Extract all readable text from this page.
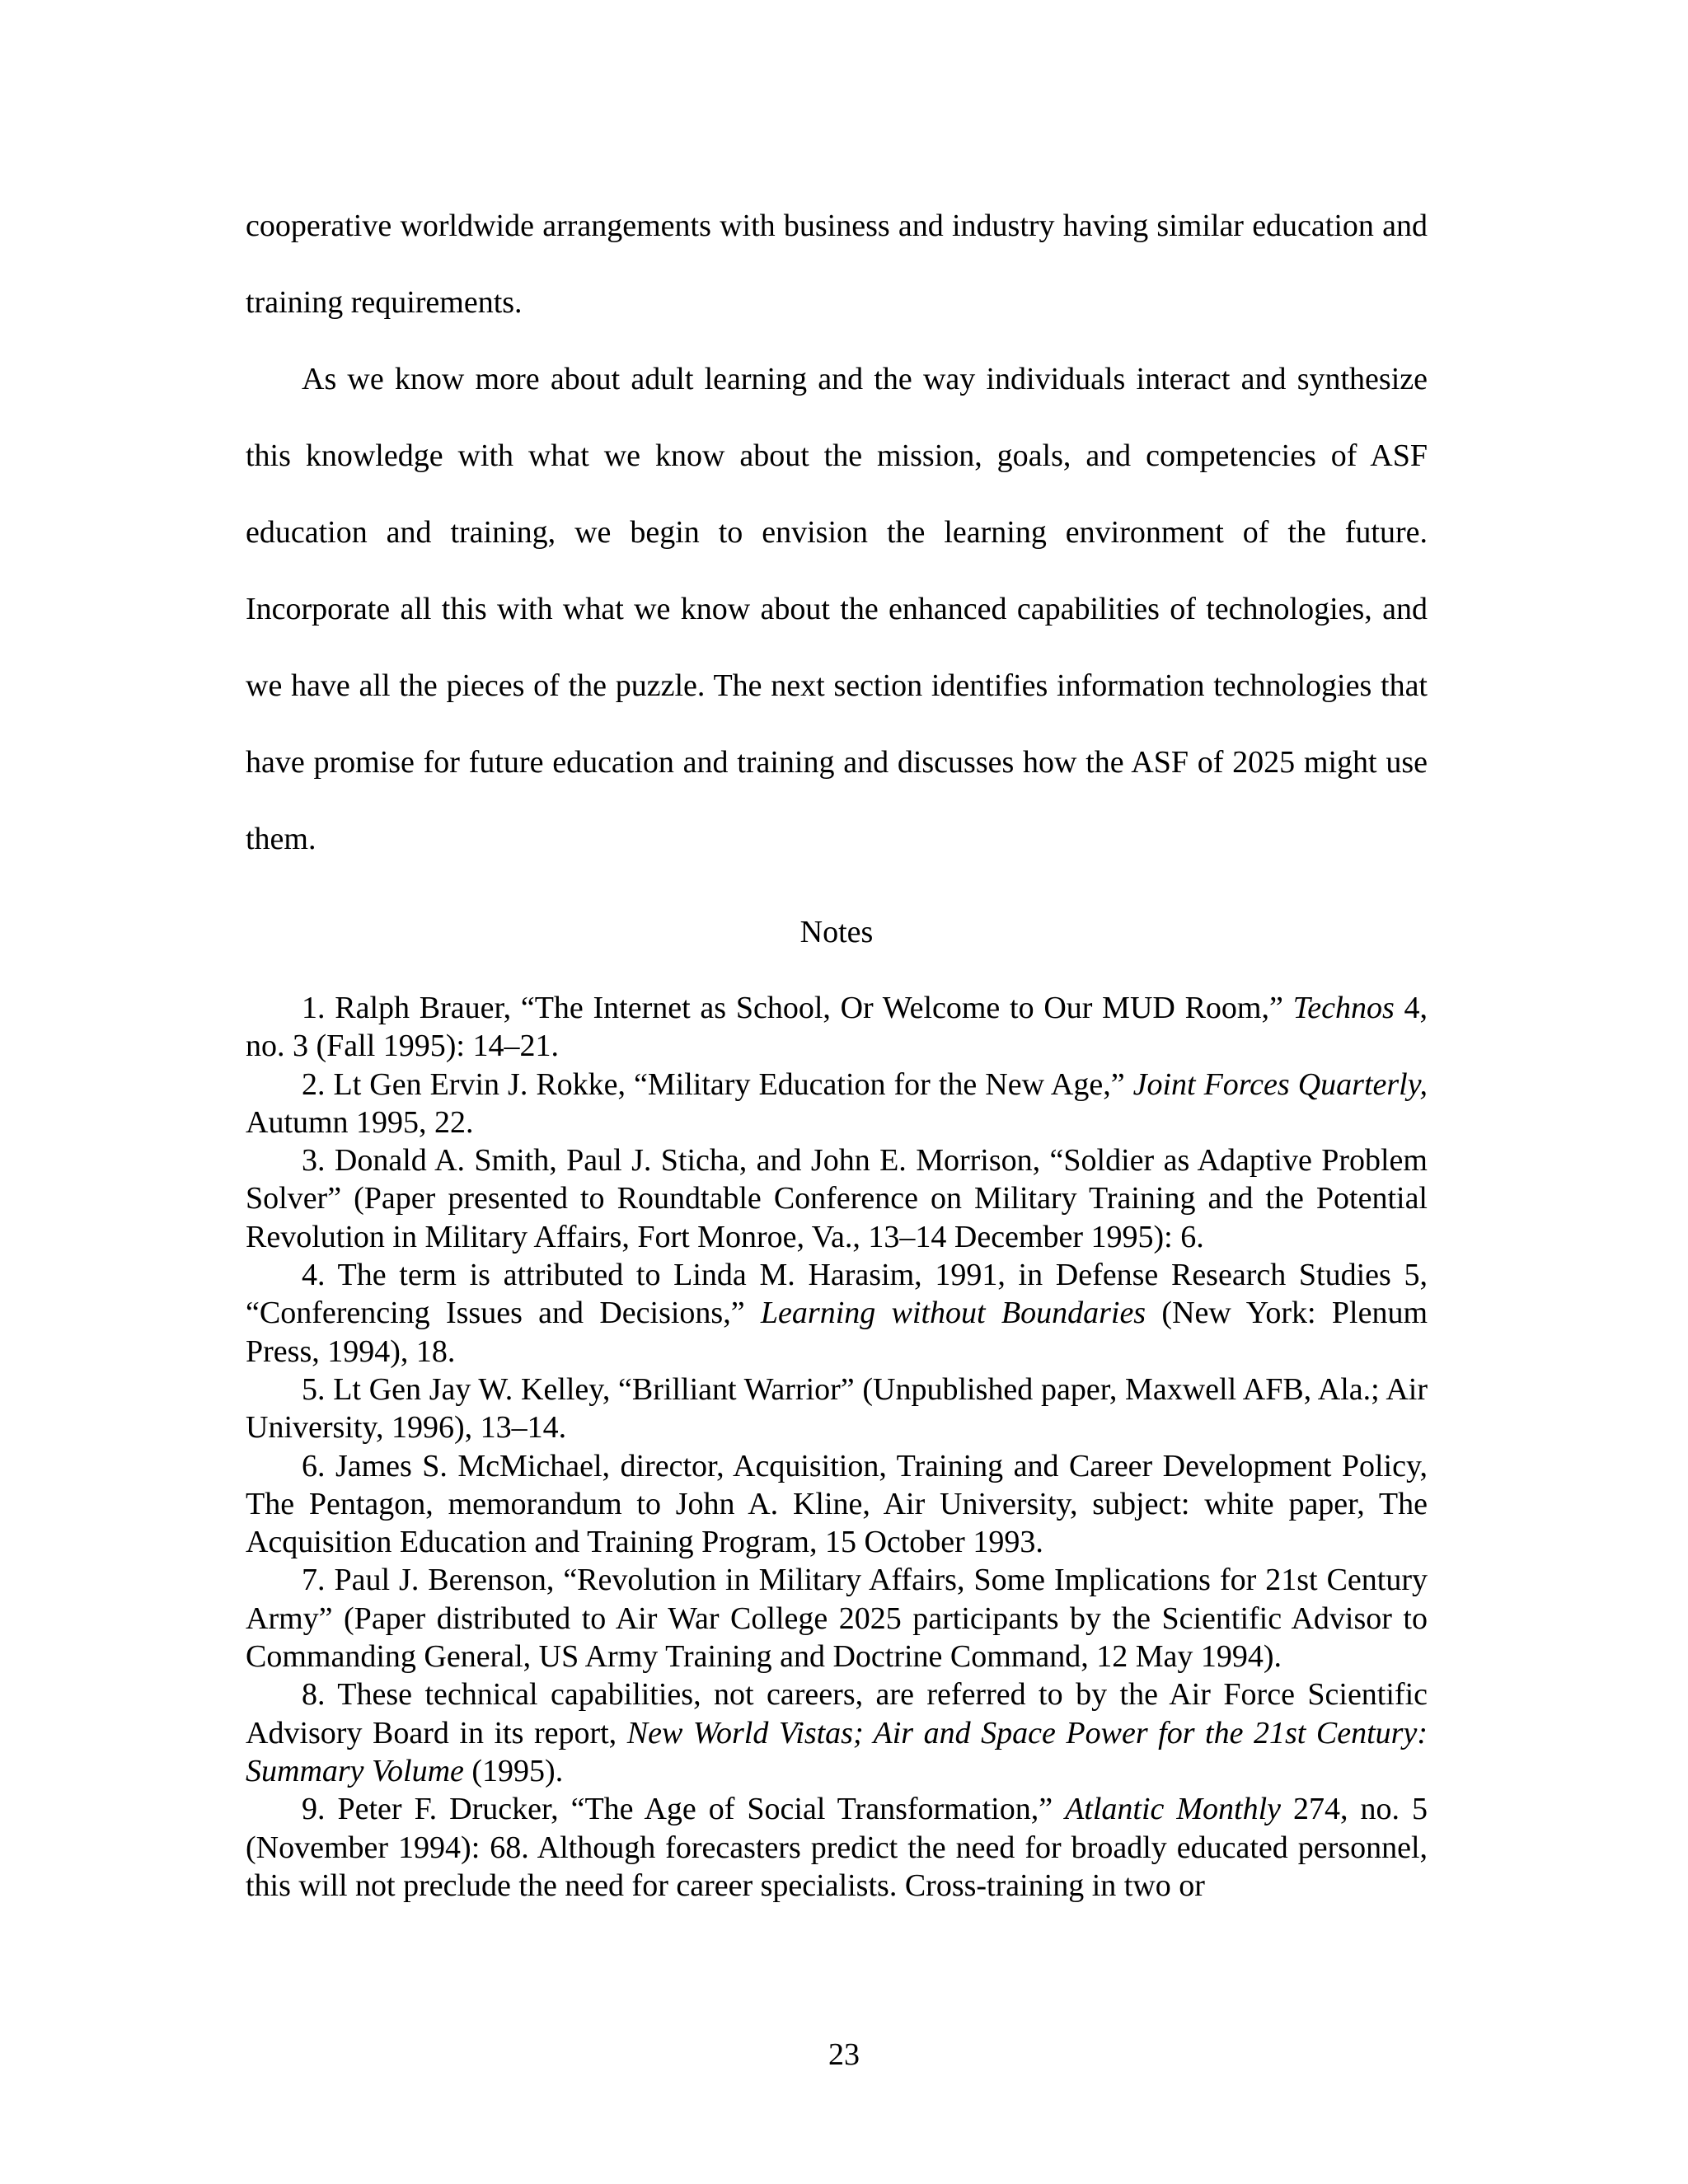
cooperative worldwide arrangements with business and industry having similar education and training requirements.

As we know more about adult learning and the way individuals interact and synthesize this knowledge with what we know about the mission, goals, and competencies of ASF education and training, we begin to envision the learning environment of the future. Incorporate all this with what we know about the enhanced capabilities of technologies, and we have all the pieces of the puzzle. The next section identifies information technologies that have promise for future education and training and discusses how the ASF of 2025 might use them.

Notes

1. Ralph Brauer, “The Internet as School, Or Welcome to Our MUD Room,” Technos 4, no. 3 (Fall 1995): 14–21.

2. Lt Gen Ervin J. Rokke, “Military Education for the New Age,” Joint Forces Quarterly, Autumn 1995, 22.

3. Donald A. Smith, Paul J. Sticha, and John E. Morrison, “Soldier as Adaptive Problem Solver” (Paper presented to Roundtable Conference on Military Training and the Potential Revolution in Military Affairs, Fort Monroe, Va., 13–14 December 1995): 6.

4. The term is attributed to Linda M. Harasim, 1991, in Defense Research Studies 5, “Conferencing Issues and Decisions,” Learning without Boundaries (New York: Plenum Press, 1994), 18.

5. Lt Gen Jay W. Kelley, “Brilliant Warrior” (Unpublished paper, Maxwell AFB, Ala.; Air University, 1996), 13–14.

6. James S. McMichael, director, Acquisition, Training and Career Development Policy, The Pentagon, memorandum to John A. Kline, Air University, subject: white paper, The Acquisition Education and Training Program, 15 October 1993.

7. Paul J. Berenson, “Revolution in Military Affairs, Some Implications for 21st Century Army” (Paper distributed to Air War College 2025 participants by the Scientific Advisor to Commanding General, US Army Training and Doctrine Command, 12 May 1994).

8. These technical capabilities, not careers, are referred to by the Air Force Scientific Advisory Board in its report, New World Vistas; Air and Space Power for the 21st Century: Summary Volume (1995).

9. Peter F. Drucker, “The Age of Social Transformation,” Atlantic Monthly 274, no. 5 (November 1994): 68. Although forecasters predict the need for broadly educated personnel, this will not preclude the need for career specialists. Cross-training in two or

23
